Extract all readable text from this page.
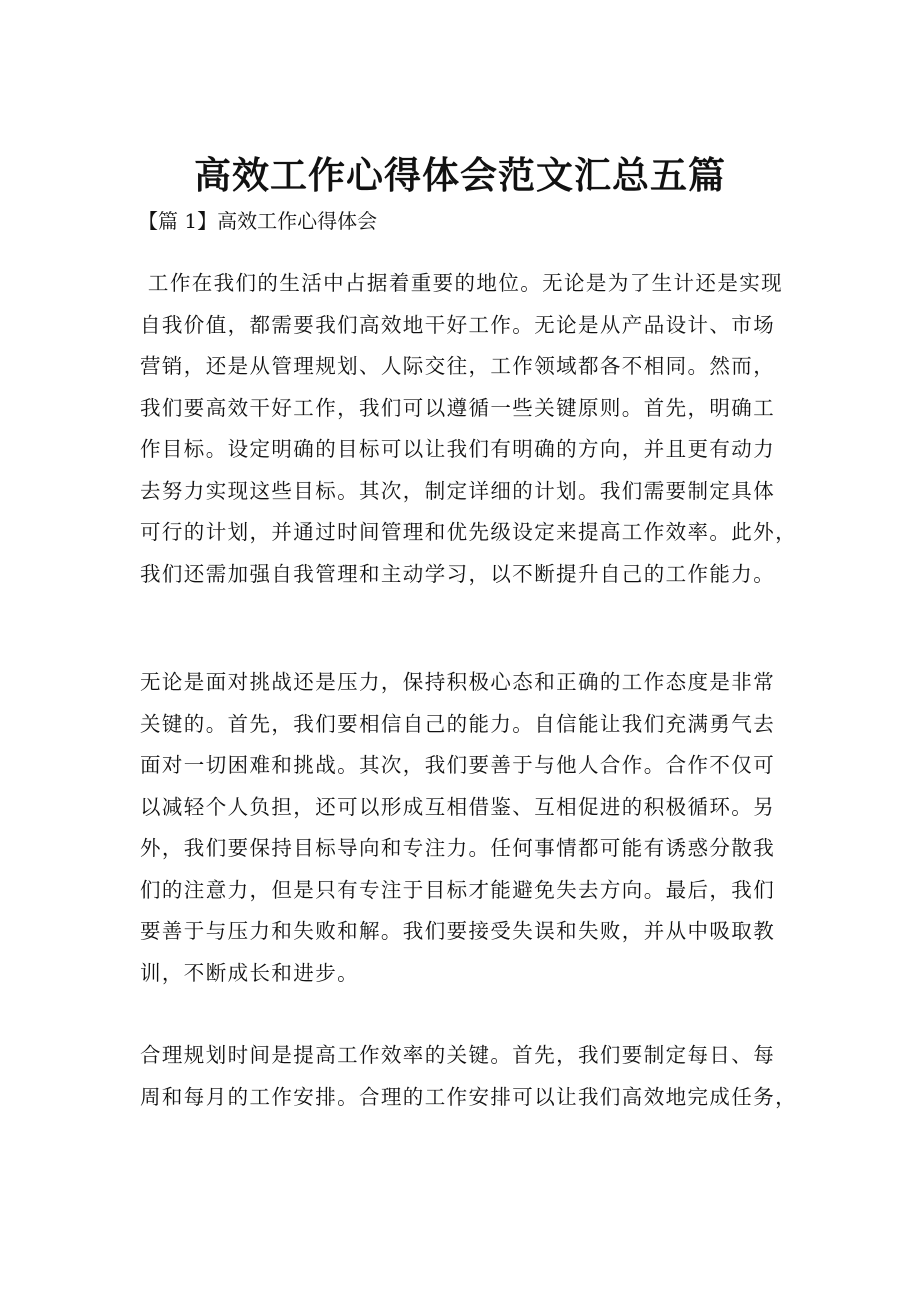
高效工作心得体会范文汇总五篇
【篇 1】高效工作心得体会
工作在我们的生活中占据着重要的地位。无论是为了生计还是实现
自我价值，都需要我们高效地干好工作。无论是从产品设计、市场
营销，还是从管理规划、人际交往，工作领域都各不相同。然而，
我们要高效干好工作，我们可以遵循一些关键原则。首先，明确工
作目标。设定明确的目标可以让我们有明确的方向，并且更有动力
去努力实现这些目标。其次，制定详细的计划。我们需要制定具体
可行的计划，并通过时间管理和优先级设定来提高工作效率。此外，
我们还需加强自我管理和主动学习，以不断提升自己的工作能力。
无论是面对挑战还是压力，保持积极心态和正确的工作态度是非常
关键的。首先，我们要相信自己的能力。自信能让我们充满勇气去
面对一切困难和挑战。其次，我们要善于与他人合作。合作不仅可
以减轻个人负担，还可以形成互相借鉴、互相促进的积极循环。另
外，我们要保持目标导向和专注力。任何事情都可能有诱惑分散我
们的注意力，但是只有专注于目标才能避免失去方向。最后，我们
要善于与压力和失败和解。我们要接受失误和失败，并从中吸取教
训，不断成长和进步。
合理规划时间是提高工作效率的关键。首先，我们要制定每日、每
周和每月的工作安排。合理的工作安排可以让我们高效地完成任务，
